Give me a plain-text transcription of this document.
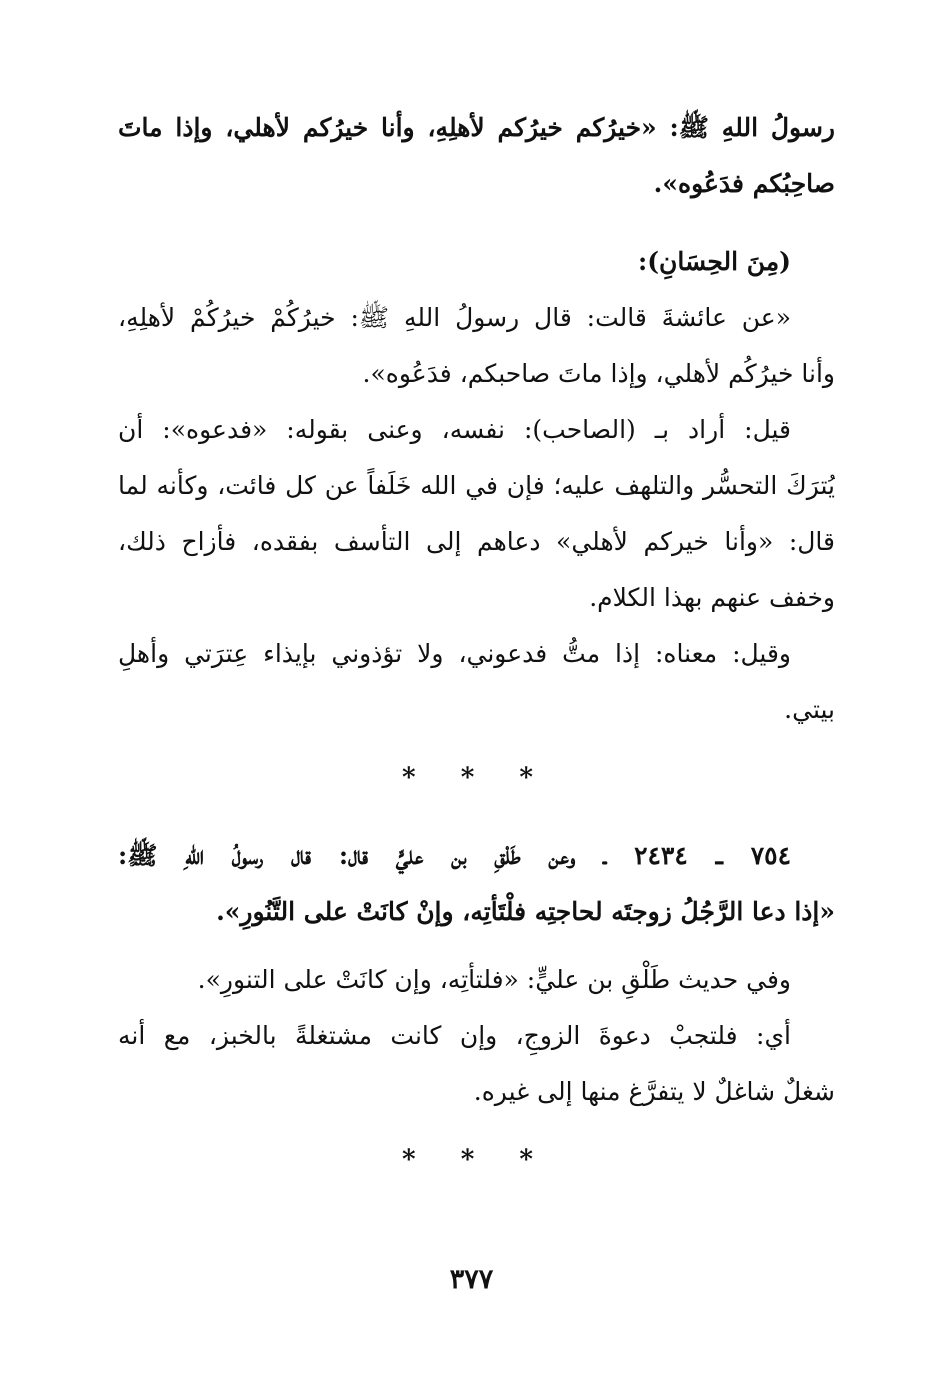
رسولُ اللهِ ﷺ: «خيرُكم خيرُكم لأهلِهِ، وأنا خيرُكم لأهلي، وإذا ماتَ
صاحِبُكم فدَعُوه».
(مِنَ الحِسَانِ):
«عن عائشةَ قالت: قال رسولُ اللهِ ﷺ: خيرُكُمْ خيرُكُمْ لأهلِهِ،
وأنا خيرُكُم لأهلي، وإذا ماتَ صاحبكم، فدَعُوه».
قيل: أراد بـ (الصاحب): نفسه، وعنى بقوله: «فدعوه»: أن
يُترَكَ التحسُّر والتلهف عليه؛ فإن في الله خَلَفاً عن كل فائت، وكأنه لما
قال: «وأنا خيركم لأهلي» دعاهم إلى التأسف بفقده، فأزاح ذلك،
وخفف عنهم بهذا الكلام.
وقيل: معناه: إذا متُّ فدعوني، ولا تؤذوني بإيذاء عِترَتي وأهلِ
بيتي.
* * *
٧٥٤ ـ ٢٤٣٤ ـ وعن طَلْقِ بن عليٍّ قال: قال رسولُ اللهِ ﷺ:
«إذا دعا الرَّجُلُ زوجتَه لحاجتِه فلْتَأتِه، وإنْ كانَتْ على التَّنُورِ».
وفي حديث طَلْقِ بن عليٍّ: «فلتأتِه، وإن كانَتْ على التنورِ».
أي: فلتجبْ دعوةَ الزوجِ، وإن كانت مشتغلةً بالخبز، مع أنه
شغلٌ شاغلٌ لا يتفرَّغ منها إلى غيره.
* * *
٣٧٧
